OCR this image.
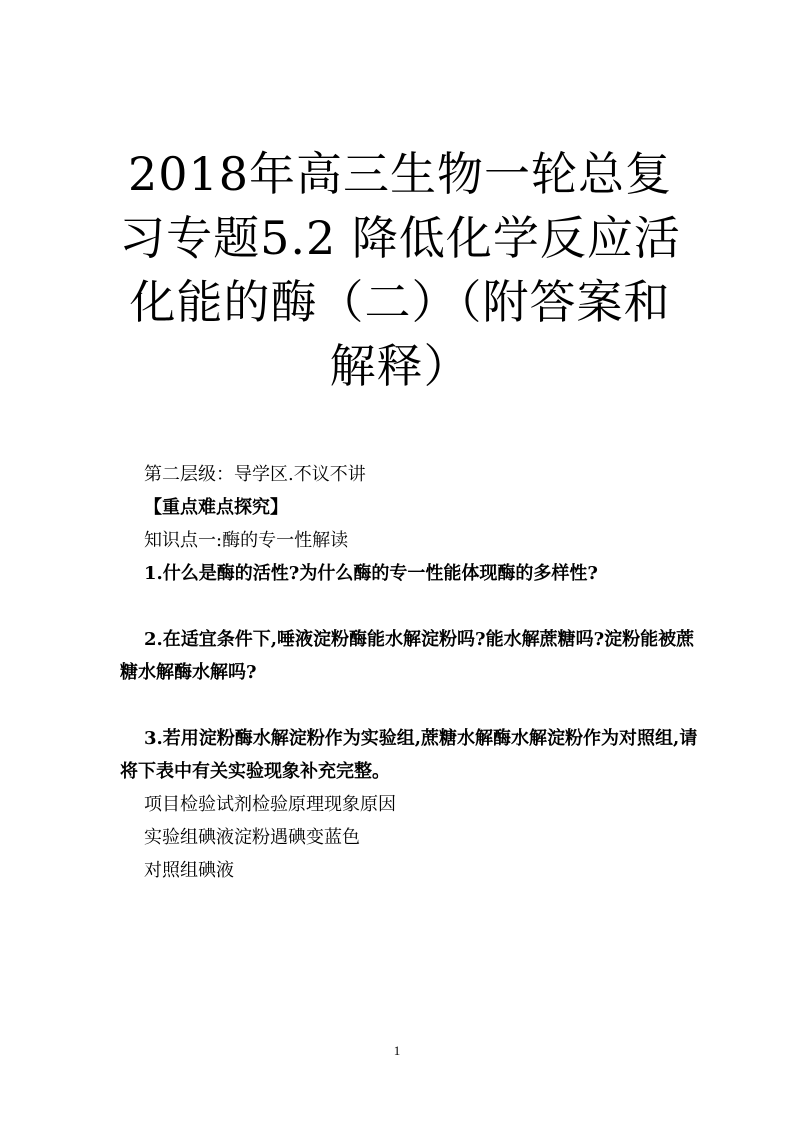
2018年高三生物一轮总复习专题5.2 降低化学反应活化能的酶（二）（附答案和解释）

第二层级：导学区.不议不讲

【重点难点探究】

知识点一:酶的专一性解读

1.什么是酶的活性?为什么酶的专一性能体现酶的多样性?

2.在适宜条件下,唾液淀粉酶能水解淀粉吗?能水解蔗糖吗?淀粉能被蔗糖水解酶水解吗?

3.若用淀粉酶水解淀粉作为实验组,蔗糖水解酶水解淀粉作为对照组,请将下表中有关实验现象补充完整。

项目检验试剂检验原理现象原因

实验组碘液淀粉遇碘变蓝色

对照组碘液

1
